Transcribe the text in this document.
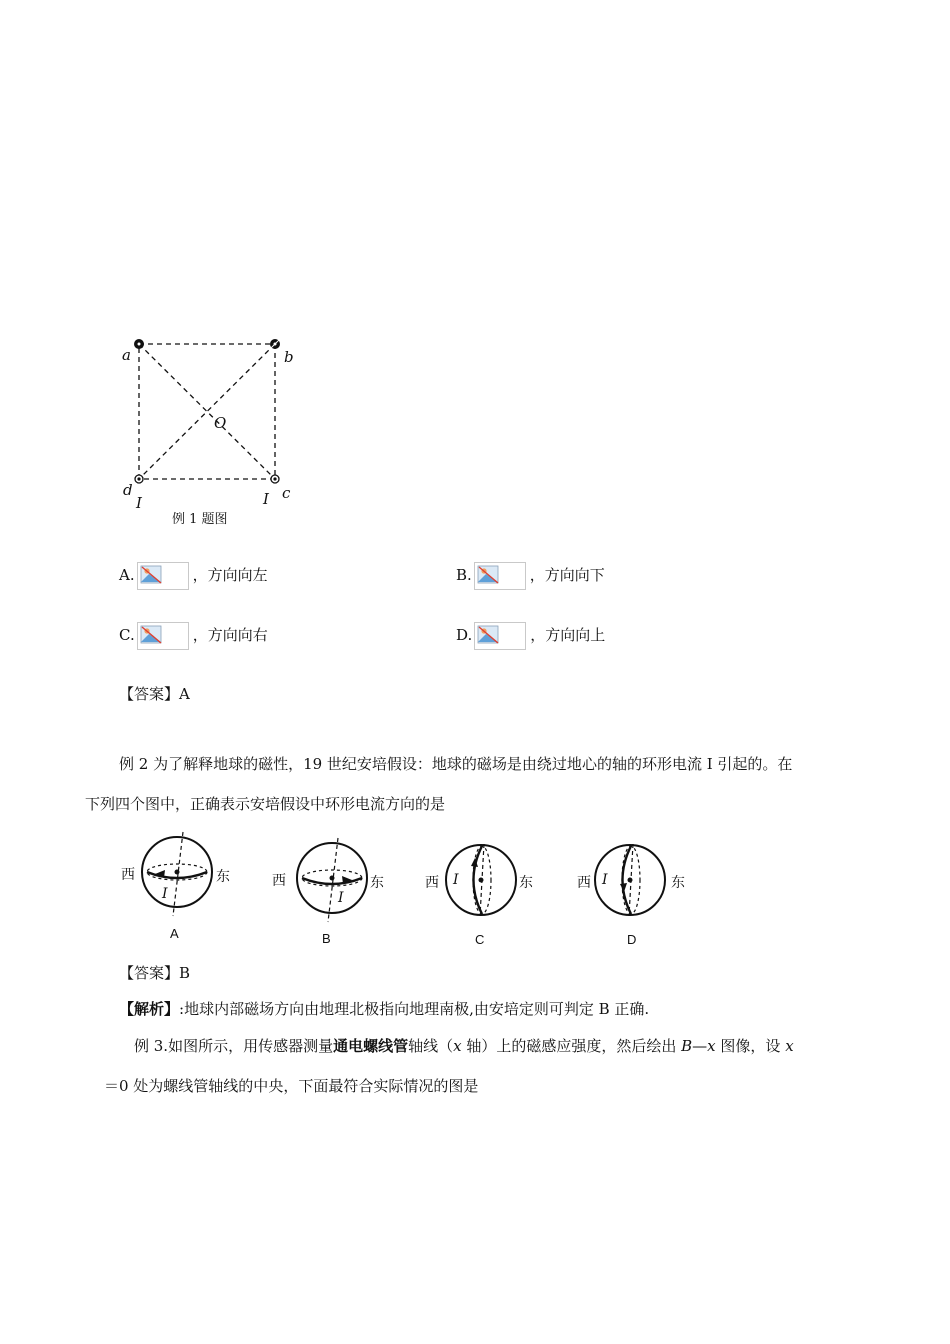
a	b
O
d	c
I	I
例 1 题图
A.	，方向向左	B.	，方向向下
C.	，方向向右	D.	，方向向上
【答案】A
例 2 为了解释地球的磁性，19 世纪安培假设：地球的磁场是由绕过地心的轴的环形电流 I 引起的。在
下列四个图中，正确表示安培假设中环形电流方向的是
西	东
I
A
西	东
I
B
西	东
I
C
西	东
I
D
【答案】B
【解析】:地球内部磁场方向由地理北极指向地理南极,由安培定则可判定 B 正确.
例 3.如图所示，用传感器测量通电螺线管轴线（x 轴）上的磁感应强度，然后绘出 B—x 图像，设 x
＝0 处为螺线管轴线的中央，下面最符合实际情况的图是
